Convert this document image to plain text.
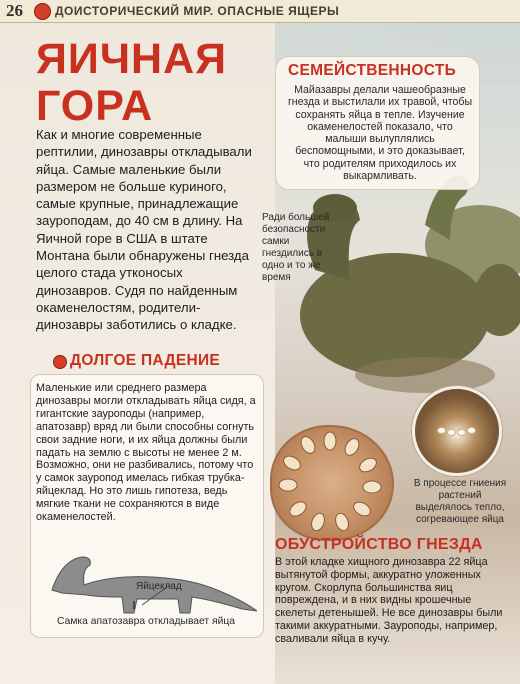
26	ДОИСТОРИЧЕСКИЙ МИР. ОПАСНЫЕ ЯЩЕРЫ
ЯИЧНАЯ
ГОРА
Как и многие современные рептилии, динозавры откладывали яйца. Самые маленькие были размером не больше куриного, самые крупные, принадлежащие зауроподам, до 40 см в длину. На Яичной горе в США в штате Монтана были обнаружены гнезда целого стада утконосых динозавров. Судя по найденным окаменелостям, родители-динозавры заботились о кладке.
СЕМЕЙСТВЕННОСТЬ
Майазавры делали чашеобразные гнезда и выстилали их травой, чтобы сохранять яйца в тепле. Изучение окаменелостей показало, что малыши вылуплялись беспомощными, и это доказывает, что родителям приходилось их выкармливать.
Ради большей безопасности самки гнездились в одно и то же время
ДОЛГОЕ ПАДЕНИЕ
Маленькие или среднего размера динозавры могли откладывать яйца сидя, а гигантские зауроподы (например, апатозавр) вряд ли были способны согнуть свои задние ноги, и их яйца должны были падать на землю с высоты не менее 2 м. Возможно, они не разбивались, потому что у самок зауропод имелась гибкая трубка-яйцеклад. Но это лишь гипотеза, ведь мягкие ткани не сохраняются в виде окаменелостей.
Яйцеклад
Самка апатозавра откладывает яйца
В процессе гниения растений выделялось тепло, согревающее яйца
ОБУСТРОЙСТВО ГНЕЗДА
В этой кладке хищного динозавра 22 яйца вытянутой формы, аккуратно уложенных кругом. Скорлупа большинства яиц повреждена, и в них видны крошечные скелеты детенышей. Не все динозавры были такими аккуратными. Зауроподы, например, сваливали яйца в кучу.
